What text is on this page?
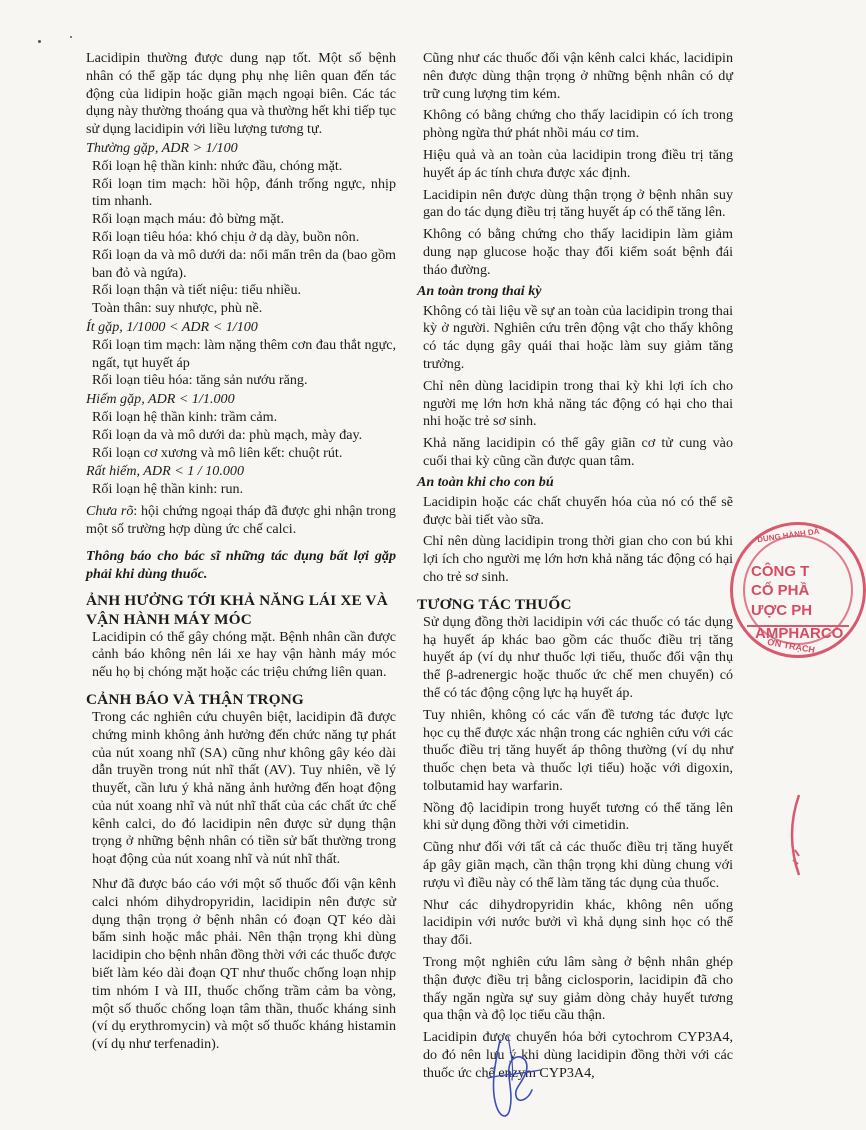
Lacidipin thường được dung nạp tốt. Một số bệnh nhân có thể gặp tác dụng phụ nhẹ liên quan đến tác động của lidipin hoặc giãn mạch ngoại biên. Các tác dụng này thường thoáng qua và thường hết khi tiếp tục sử dụng lacidipin với liều lượng tương tự.

Thường gặp, ADR > 1/100

Rối loạn hệ thần kinh: nhức đầu, chóng mặt.

Rối loạn tim mạch: hồi hộp, đánh trống ngực, nhịp tim nhanh.

Rối loạn mạch máu: đỏ bừng mặt.

Rối loạn tiêu hóa: khó chịu ở dạ dày, buồn nôn.

Rối loạn da và mô dưới da: nổi mẩn trên da (bao gồm ban đỏ và ngứa).

Rối loạn thận và tiết niệu: tiểu nhiều.

Toàn thân: suy nhược, phù nề.

Ít gặp, 1/1000 < ADR < 1/100

Rối loạn tim mạch: làm nặng thêm cơn đau thắt ngực, ngất, tụt huyết áp

Rối loạn tiêu hóa: tăng sản nướu răng.

Hiếm gặp, ADR < 1/1.000

Rối loạn hệ thần kinh: trầm cảm.

Rối loạn da và mô dưới da: phù mạch, mày đay.

Rối loạn cơ xương và mô liên kết: chuột rút.

Rất hiếm, ADR < 1 / 10.000

Rối loạn hệ thần kinh: run.

Chưa rõ: hội chứng ngoại tháp đã được ghi nhận trong một số trường hợp dùng ức chế calci.

Thông báo cho bác sĩ những tác dụng bất lợi gặp phải khi dùng thuốc.

ẢNH HƯỞNG TỚI KHẢ NĂNG LÁI XE VÀ VẬN HÀNH MÁY MÓC

Lacidipin có thể gây chóng mặt. Bệnh nhân cần được cảnh báo không nên lái xe hay vận hành máy móc nếu họ bị chóng mặt hoặc các triệu chứng liên quan.

CẢNH BÁO VÀ THẬN TRỌNG

Trong các nghiên cứu chuyên biệt, lacidipin đã được chứng minh không ảnh hưởng đến chức năng tự phát của nút xoang nhĩ (SA) cũng như không gây kéo dài dẫn truyền trong nút nhĩ thất (AV). Tuy nhiên, về lý thuyết, cần lưu ý khả năng ảnh hưởng đến hoạt động của nút xoang nhĩ và nút nhĩ thất của các chất ức chế kênh calci, do đó lacidipin nên được sử dụng thận trọng ở những bệnh nhân có tiền sử bất thường trong hoạt động của nút xoang nhĩ và nút nhĩ thất.

Như đã được báo cáo với một số thuốc đối vận kênh calci nhóm dihydropyridin, lacidipin nên được sử dụng thận trọng ở bệnh nhân có đoạn QT kéo dài bẩm sinh hoặc mắc phải. Nên thận trọng khi dùng lacidipin cho bệnh nhân đồng thời với các thuốc được biết làm kéo dài đoạn QT như thuốc chống loạn nhịp tim nhóm I và III, thuốc chống trầm cảm ba vòng, một số thuốc chống loạn tâm thần, thuốc kháng sinh (ví dụ erythromycin) và một số thuốc kháng histamin (ví dụ như terfenadin).

Cũng như các thuốc đối vận kênh calci khác, lacidipin nên được dùng thận trọng ở những bệnh nhân có dự trữ cung lượng tim kém.

Không có bằng chứng cho thấy lacidipin có ích trong phòng ngừa thứ phát nhồi máu cơ tim.

Hiệu quả và an toàn của lacidipin trong điều trị tăng huyết áp ác tính chưa được xác định.

Lacidipin nên được dùng thận trọng ở bệnh nhân suy gan do tác dụng điều trị tăng huyết áp có thể tăng lên.

Không có bằng chứng cho thấy lacidipin làm giảm dung nạp glucose hoặc thay đổi kiểm soát bệnh đái tháo đường.

An toàn trong thai kỳ

Không có tài liệu về sự an toàn của lacidipin trong thai kỳ ở người. Nghiên cứu trên động vật cho thấy không có tác dụng gây quái thai hoặc làm suy giảm tăng trưởng.

Chỉ nên dùng lacidipin trong thai kỳ khi lợi ích cho người mẹ lớn hơn khả năng tác động có hại cho thai nhi hoặc trẻ sơ sinh.

Khả năng lacidipin có thể gây giãn cơ tử cung vào cuối thai kỳ cũng cần được quan tâm.

An toàn khi cho con bú

Lacidipin hoặc các chất chuyển hóa của nó có thể sẽ được bài tiết vào sữa.

Chỉ nên dùng lacidipin trong thời gian cho con bú khi lợi ích cho người mẹ lớn hơn khả năng tác động có hại cho trẻ sơ sinh.

TƯƠNG TÁC THUỐC

Sử dụng đồng thời lacidipin với các thuốc có tác dụng hạ huyết áp khác bao gồm các thuốc điều trị tăng huyết áp (ví dụ như thuốc lợi tiểu, thuốc đối vận thụ thể β-adrenergic hoặc thuốc ức chế men chuyển) có thể có tác động cộng lực hạ huyết áp.

Tuy nhiên, không có các vấn đề tương tác được lực học cụ thể được xác nhận trong các nghiên cứu với các thuốc điều trị tăng huyết áp thông thường (ví dụ như thuốc chẹn beta và thuốc lợi tiểu) hoặc với digoxin, tolbutamid hay warfarin.

Nồng độ lacidipin trong huyết tương có thể tăng lên khi sử dụng đồng thời với cimetidin.

Cũng như đối với tất cả các thuốc điều trị tăng huyết áp gây giãn mạch, cần thận trọng khi dùng chung với rượu vì điều này có thể làm tăng tác dụng của thuốc.

Như các dihydropyridin khác, không nên uống lacidipin với nước bưởi vì khả dụng sinh học có thể thay đổi.

Trong một nghiên cứu lâm sàng ở bệnh nhân ghép thận được điều trị bằng ciclosporin, lacidipin đã cho thấy ngăn ngừa sự suy giảm dòng chảy huyết tương qua thận và độ lọc tiểu cầu thận.

Lacidipin được chuyển hóa bởi cytochrom CYP3A4, do đó nên lưu ý khi dùng lacidipin đồng thời với các thuốc ức chế enzym CYP3A4,

DUNG HÀNH DÃ
CÔNG T
CỔ PHẦ
ƯỢC PH
AMPHARCO
ƠN TRẠCH
